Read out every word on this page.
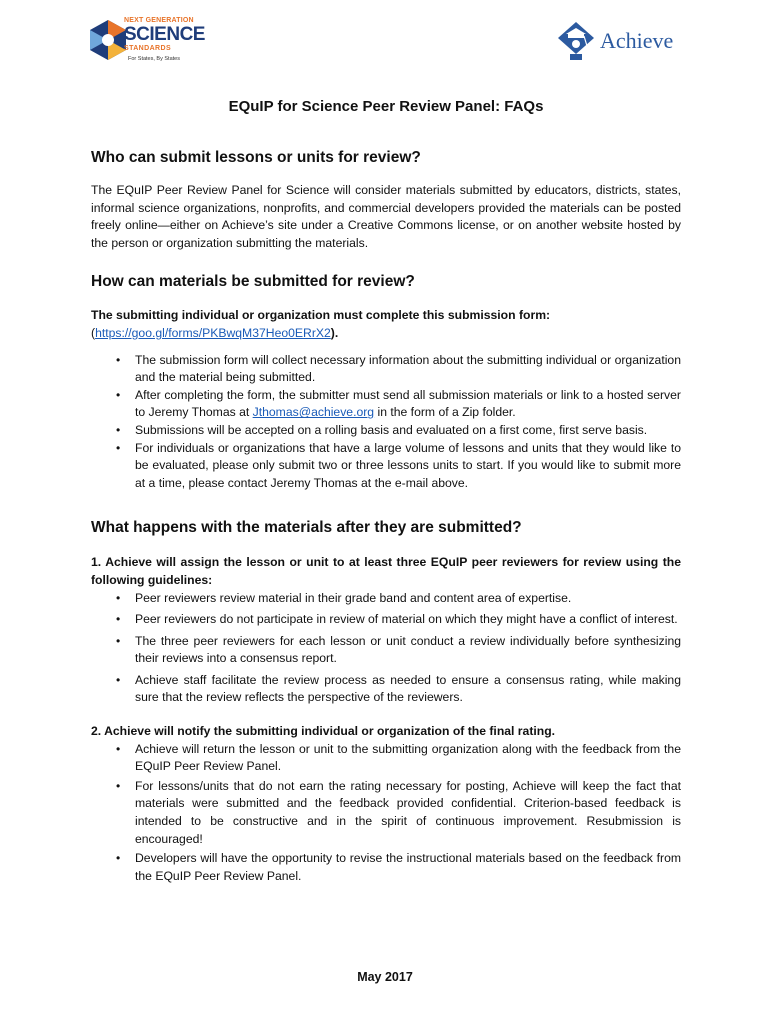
NEXT GENERATION
SCIENCE
STANDARDS
For States, By States
Achieve
EQuIP for Science Peer Review Panel: FAQs
Who can submit lessons or units for review?
The EQuIP Peer Review Panel for Science will consider materials submitted by educators, districts, states, informal science organizations, nonprofits, and commercial developers provided the materials can be posted freely online—either on Achieve’s site under a Creative Commons license, or on another website hosted by the person or organization submitting the materials.
How can materials be submitted for review?
The submitting individual or organization must complete this submission form:
(https://goo.gl/forms/PKBwqM37Heo0ERrX2).
• The submission form will collect necessary information about the submitting individual or organization and the material being submitted.
• After completing the form, the submitter must send all submission materials or link to a hosted server to Jeremy Thomas at Jthomas@achieve.org in the form of a Zip folder.
• Submissions will be accepted on a rolling basis and evaluated on a first come, first serve basis.
• For individuals or organizations that have a large volume of lessons and units that they would like to be evaluated, please only submit two or three lessons units to start. If you would like to submit more at a time, please contact Jeremy Thomas at the e-mail above.
What happens with the materials after they are submitted?
1. Achieve will assign the lesson or unit to at least three EQuIP peer reviewers for review using the following guidelines:
• Peer reviewers review material in their grade band and content area of expertise.
• Peer reviewers do not participate in review of material on which they might have a conflict of interest.
• The three peer reviewers for each lesson or unit conduct a review individually before synthesizing their reviews into a consensus report.
• Achieve staff facilitate the review process as needed to ensure a consensus rating, while making sure that the review reflects the perspective of the reviewers.
2. Achieve will notify the submitting individual or organization of the final rating.
• Achieve will return the lesson or unit to the submitting organization along with the feedback from the EQuIP Peer Review Panel.
• For lessons/units that do not earn the rating necessary for posting, Achieve will keep the fact that materials were submitted and the feedback provided confidential. Criterion-based feedback is intended to be constructive and in the spirit of continuous improvement. Resubmission is encouraged!
• Developers will have the opportunity to revise the instructional materials based on the feedback from the EQuIP Peer Review Panel.
May 2017
